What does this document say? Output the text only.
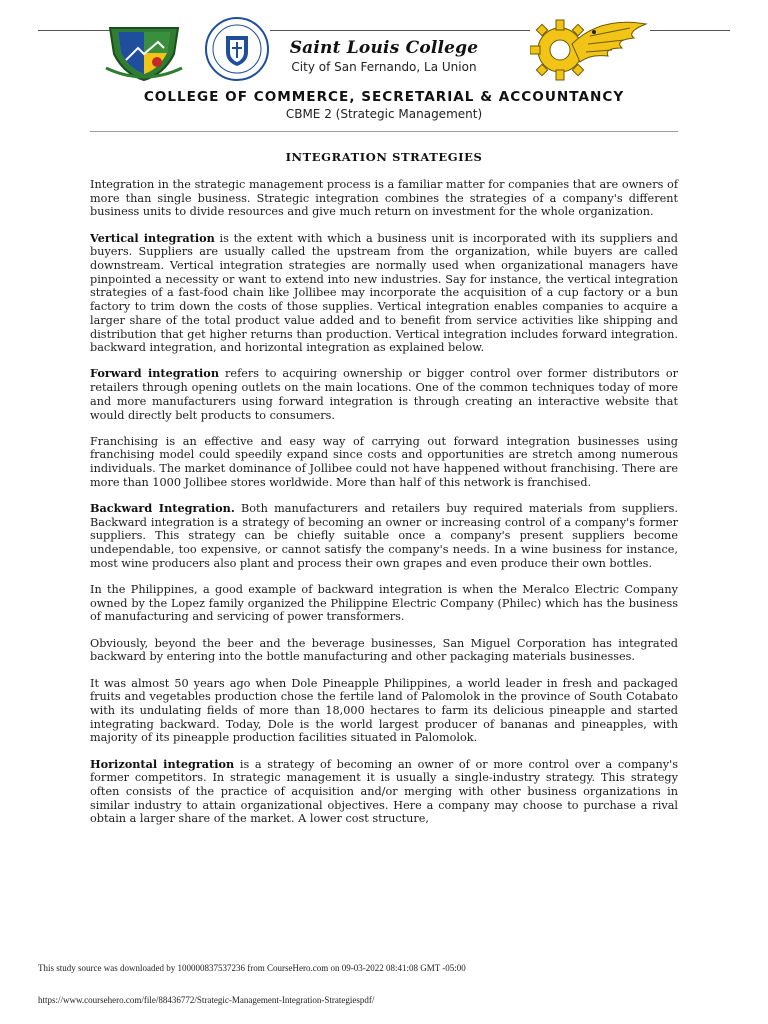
Saint Louis College
City of San Fernando, La Union
COLLEGE OF COMMERCE, SECRETARIAL & ACCOUNTANCY
CBME 2 (Strategic Management)
INTEGRATION STRATEGIES

Integration in the strategic management process is a familiar matter for companies that are owners of more than single business. Strategic integration combines the strategies of a company's different business units to divide resources and give much return on investment for the whole organization.

Vertical integration is the extent with which a business unit is incorporated with its suppliers and buyers. Suppliers are usually called the upstream from the organization, while buyers are called downstream. Vertical integration strategies are normally used when organizational managers have pinpointed a necessity or want to extend into new industries. Say for instance, the vertical integration strategies of a fast-food chain like Jollibee may incorporate the acquisition of a cup factory or a bun factory to trim down the costs of those supplies. Vertical integration enables companies to acquire a larger share of the total product value added and to benefit from service activities like shipping and distribution that get higher returns than production. Vertical integration includes forward integration. backward integration, and horizontal integration as explained below.

Forward integration refers to acquiring ownership or bigger control over former distributors or retailers through opening outlets on the main locations. One of the common techniques today of more and more manufacturers using forward integration is through creating an interactive website that would directly belt products to consumers.

Franchising is an effective and easy way of carrying out forward integration businesses using franchising model could speedily expand since costs and opportunities are stretch among numerous individuals. The market dominance of Jollibee could not have happened without franchising. There are more than 1000 Jollibee stores worldwide. More than half of this network is franchised.

Backward Integration. Both manufacturers and retailers buy required materials from suppliers. Backward integration is a strategy of becoming an owner or increasing control of a company's former suppliers. This strategy can be chiefly suitable once a company's present suppliers become undependable, too expensive, or cannot satisfy the company's needs. In a wine business for instance, most wine producers also plant and process their own grapes and even produce their own bottles.

In the Philippines, a good example of backward integration is when the Meralco Electric Company owned by the Lopez family organized the Philippine Electric Company (Philec) which has the business of manufacturing and servicing of power transformers.

Obviously, beyond the beer and the beverage businesses, San Miguel Corporation has integrated backward by entering into the bottle manufacturing and other packaging materials businesses.

It was almost 50 years ago when Dole Pineapple Philippines, a world leader in fresh and packaged fruits and vegetables production chose the fertile land of Palomolok in the province of South Cotabato with its undulating fields of more than 18,000 hectares to farm its delicious pineapple and started integrating backward. Today, Dole is the world largest producer of bananas and pineapples, with majority of its pineapple production facilities situated in Palomolok.

Horizontal integration is a strategy of becoming an owner of or more control over a company's former competitors. In strategic management it is usually a single-industry strategy. This strategy often consists of the practice of acquisition and/or merging with other business organizations in similar industry to attain organizational objectives. Here a company may choose to purchase a rival obtain a larger share of the market. A lower cost structure,

This study source was downloaded by 100000837537236 from CourseHero.com on 09-03-2022 08:41:08 GMT -05:00
https://www.coursehero.com/file/88436772/Strategic-Management-Integration-Strategiespdf/
